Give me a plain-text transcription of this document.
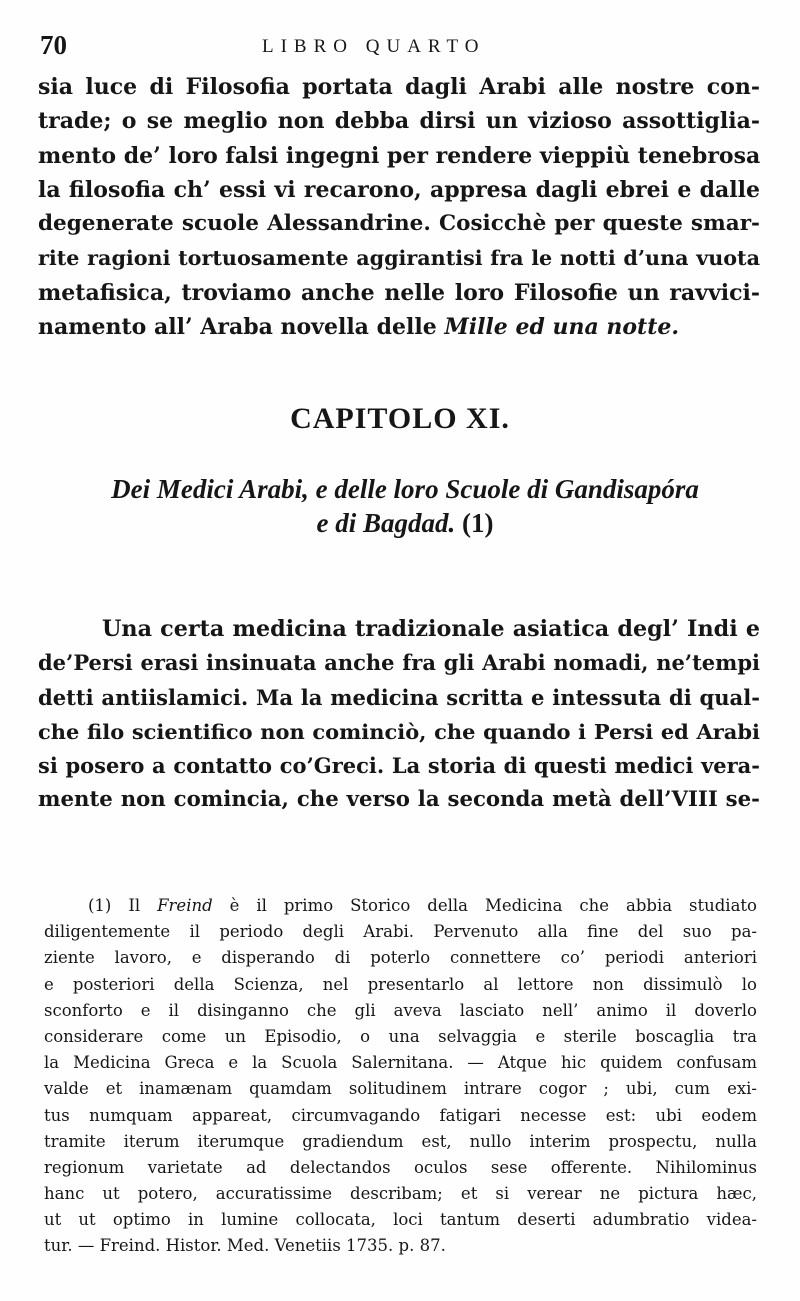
70	LIBRO QUARTO
sia luce di Filosofia portata dagli Arabi alle nostre con-
trade; o se meglio non debba dirsi un vizioso assottiglia-
mento de’ loro falsi ingegni per rendere vieppiù tenebrosa
la filosofia ch’ essi vi recarono, appresa dagli ebrei e dalle
degenerate scuole Alessandrine. Cosicchè per queste smar-
rite ragioni tortuosamente aggirantisi fra le notti d’una vuota
metafisica, troviamo anche nelle loro Filosofie un ravvici-
namento all’ Araba novella delle Mille ed una notte.
CAPITOLO XI.
Dei Medici Arabi, e delle loro Scuole di Gandisapóra
e di Bagdad. (1)
Una certa medicina tradizionale asiatica degl’ Indi e
de’Persi erasi insinuata anche fra gli Arabi nomadi, ne’tempi
detti antiislamici. Ma la medicina scritta e intessuta di qual-
che filo scientifico non cominciò, che quando i Persi ed Arabi
si posero a contatto co’Greci. La storia di questi medici vera-
mente non comincia, che verso la seconda metà dell’VIII se-
(1) Il Freind è il primo Storico della Medicina che abbia studiato
diligentemente il periodo degli Arabi. Pervenuto alla fine del suo pa-
ziente lavoro, e disperando di poterlo connettere co’ periodi anteriori
e posteriori della Scienza, nel presentarlo al lettore non dissimulò lo
sconforto e il disinganno che gli aveva lasciato nell’ animo il doverlo
considerare come un Episodio, o una selvaggia e sterile boscaglia tra
la Medicina Greca e la Scuola Salernitana. — Atque hic quidem confusam
valde et inamænam quamdam solitudinem intrare cogor ; ubi, cum exi-
tus numquam appareat, circumvagando fatigari necesse est: ubi eodem
tramite iterum iterumque gradiendum est, nullo interim prospectu, nulla
regionum varietate ad delectandos oculos sese offerente. Nihilominus
hanc ut potero, accuratissime describam; et si verear ne pictura hæc,
ut ut optimo in lumine collocata, loci tantum deserti adumbratio videa-
tur. — Freind. Histor. Med. Venetiis 1735. p. 87.
